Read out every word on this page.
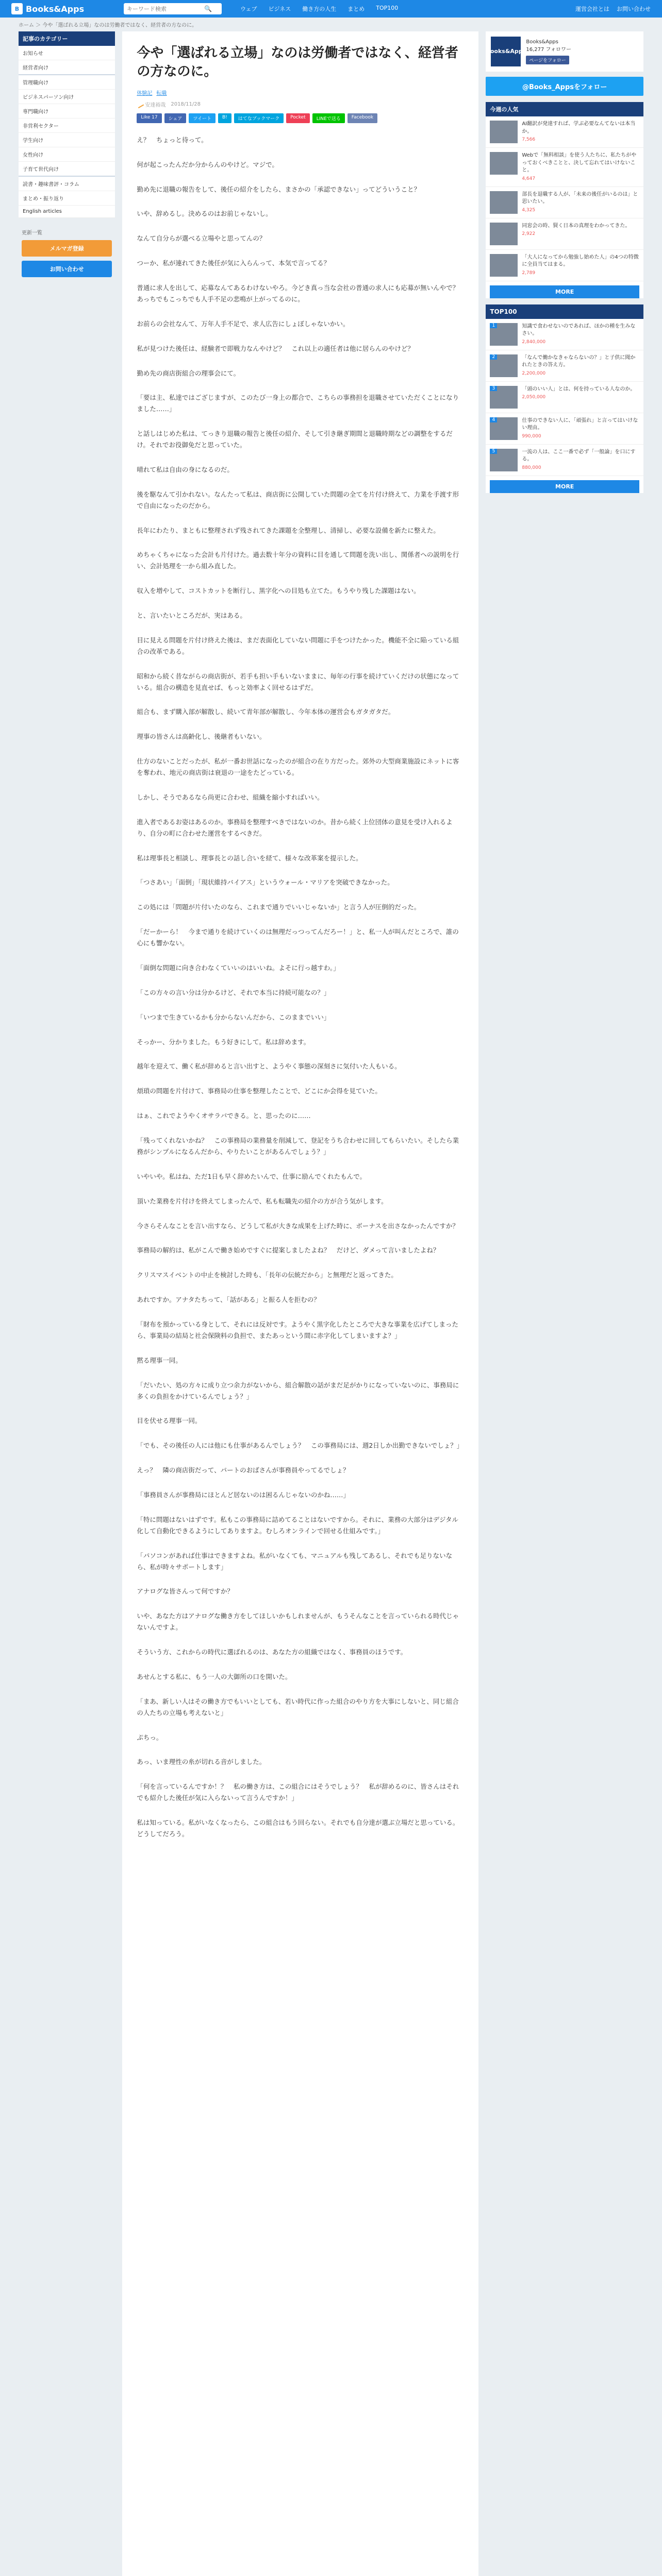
B Books&Apps
キーワード検索	🔍	ウェブ ビジネス 働き方の人生 まとめ TOP100	運営会社とは お問い合わせ
ホーム ＞ 今や「選ばれる立場」なのは労働者ではなく、経営者の方なのに。
記事のカテゴリー
お知らせ
経営者向け
管理職向け
ビジネスパーソン向け
専門職向け
非営利セクター
学生向け
女性向け
子育て世代向け
読書・趣味書評・コラム
まとめ・振り返り
English articles
更新一覧
メルマガ登録
お問い合わせ
今や「選ばれる立場」なのは労働者ではなく、経営者の方なのに。
体験記 転職
安達裕哉 2018/11/28
Like 17	シェア	ツイート	B!	はてなブックマーク	Pocket	LINEで送る	Facebook

え？　ちょっと待って。

何が起こったんだか分からんのやけど。マジで。

勤め先に退職の報告をして、後任の紹介をしたら、まさかの「承認できない」ってどういうこと？

いや、辞めるし。決めるのはお前じゃないし。

なんて自分らが選べる立場やと思ってんの？

つーか、私が連れてきた後任が気に入らんって、本気で言ってる？

普通に求人を出して、応募なんてあるわけないやろ。今どき真っ当な会社の普通の求人にも応募が無いんやで？　あっちでもこっちでも人手不足の悲鳴が上がってるのに。

お前らの会社なんて、万年人手不足で、求人広告にしょぼしゃないかい。

私が見つけた後任は、経験者で即戦力なんやけど？　これ以上の適任者は他に居らんのやけど？

勤め先の商店街組合の理事会にて。

「要は主、私達ではござじますが、このたび一身上の都合で、こちらの事務担を退職させていただくことになりました……」

と話しはじめた私は、てっきり退職の報告と後任の紹介、そして引き継ぎ期間と退職時期などの調整をするだけ。それでお役御免だと思っていた。

晴れて私は自由の身になるのだ。

後を駆なんて引かれない。なんたって私は、商店街に公開していた問題の全てを片付け終えて、力業を手渡す形で自由になったのだから。

長年にわたり、まともに整理されず残されてきた課題を全整理し、清掃し、必要な設備を新たに整えた。

めちゃくちゃになった会計も片付けた。過去数十年分の資料に目を通して問題を洗い出し、関係者への説明を行い、会計処理を一から組み直した。

収入を増やして、コストカットを断行し、黒字化への目処も立てた。もうやり残した課題はない。

と、言いたいところだが、実はある。

目に見える問題を片付け終えた後は、まだ表面化していない問題に手をつけたかった。機能不全に陥っている組合の改革である。

昭和から続く昔ながらの商店街が、若手も担い手もいないままに、毎年の行事を続けていくだけの状態になっている。組合の構造を見直せば、もっと効率よく回せるはずだ。

組合も、まず購入部が解散し、続いて青年部が解散し、今年本体の運営会もガタガタだ。

理事の皆さんは高齢化し、後継者もいない。

仕方のないことだったが、私が一番お世話になったのが組合の在り方だった。郊外の大型商業施設にネットに客を奪われ、地元の商店街は衰退の一途をたどっている。

しかし、そうであるなら尚更に合わせ、組織を縮小すればいい。

進入者であるお姿はあるのか。事務局を整理すべきではないのか。昔から続く上位団体の意見を受け入れるより、自分の町に合わせた運営をするべきだ。

私は理事長と相談し、理事長との話し合いを経て、様々な改革案を提示した。

「つさあい」「面倒」「現状維持バイアス」というウォール・マリアを突破できなかった。

この処には「問題が片付いたのなら、これまで通りでいいじゃないか」と言う人が圧倒的だった。

「だーかーら！　今まで通りを続けていくのは無理だっつってんだろー！」と、私一人が叫んだところで、誰の心にも響かない。

「面倒な問題に向き合わなくていいのはいいね。よそに行っ越すわ。」

「この方々の言い分は分かるけど、それで本当に持続可能なの？」

「いつまで生きているかも分からないんだから、このままでいい」

そっかー、分かりました。もう好きにして。私は辞めます。

越年を迎えて、働く私が辞めると言い出すと、ようやく事態の深刻さに気付いた人もいる。

煩瑣の問題を片付けて、事務局の仕事を整理したことで、どこにか会得を見ていた。

はぁ、これでようやくオサラバできる。と、思ったのに……

「残ってくれないかね？　この事務局の業務量を削減して、登記をうち合わせに回してもらいたい。そしたら業務がシンプルになるんだから、やりたいことがあるんでしょう？」

いやいや。私はね、ただ1日も早く辞めたいんで、仕事に励んでくれたもんで。

頂いた業務を片付けを終えてしまったんで、私も転職先の紹介の方が合う気がします。

今さらそんなことを言い出すなら、どうして私が大きな成果を上げた時に、ボーナスを出さなかったんですか？

事務局の解約は、私がこんで働き始めですぐに提案しましたよね？　だけど、ダメって言いましたよね？

クリスマスイベントの中止を検討した時も、「長年の伝統だから」と無理だと返ってきた。

あれですか。アナタたちって、「話がある」と振る人を拒むの？

「財布を預かっている身として、それには反対です。ようやく黒字化したところで大きな事業を広げてしまったら、事業局の結局と社会保険料の負担で、またあっという間に赤字化してしまいますよ？」

黙る理事一同。

「だいたい、処の方々に成り立つ余力がないから、組合解散の話がまだ足がかりになっていないのに、事務局に多くの負担をかけているんでしょう？」

目を伏せる理事一同。

「でも、その後任の人には他にも仕事があるんでしょう？　この事務局には、週2日しか出勤できないでしょ？」

えっ？　隣の商店街だって、パートのおばさんが事務員やってるでしょ？

「事務員さんが事務局にほとんど居ないのは困るんじゃないのかね……」

「特に問題はないはずです。私もこの事務局に詰めてることはないですから。それに、業務の大部分はデジタル化して自動化できるようにしてありますよ。むしろオンラインで回せる仕組みです。」

「パソコンがあれば仕事はできますよね。私がいなくても、マニュアルも残してあるし、それでも足りないなら、私が時々サポートします」

アナログな皆さんって何ですか？

いや、あなた方はアナログな働き方をしてほしいかもしれませんが、もうそんなことを言っていられる時代じゃないんですよ。

そういう方、これからの時代に選ばれるのは、あなた方の組織ではなく、事務員のほうです。

あせんとする私に、もう一人の大御所の口を開いた。

「まあ、新しい人はその働き方でもいいとしても、若い時代に作った組合のやり方を大事にしないと、同じ組合の人たちの立場も考えないと」

ぷちっ。

あっ、いま理性の糸が切れる音がしました。

「何を言っているんですか！？　私の働き方は、この組合にはそうでしょう？　私が辞めるのに、皆さんはそれでも紹介した後任が気に入らないって言うんですか！」

私は知っている。私がいなくなったら、この組合はもう回らない。それでも自分達が選ぶ立場だと思っている。どうしてだろう。

Books&Apps
Books&Apps
16,277 フォロワー
ページをフォロー
@Books_Appsをフォロー
今週の人気
AI翻訳が発達すれば、学ぶ必要なんてないは本当か。
7,566
Webで「無料相談」を使う人たちに、私たちがやっておくべきことと、決して忘れてはいけないこと。
4,647
部長を退職する人が、「未来の後任がいるのは」と思いたい。
4,325
同窓会の時、賢く日本の真理をわかってきた。
2,922
「大人になってから勉強し始めた人」の4つの特徴に全員当てはまる。
2,789
MORE
TOP100
1	知識で食わせないのであれば、ほかの種を生みなさい。
2,840,000
2	「なんで働かなきゃならないの？」と子供に聞かれたときの答え方。
2,200,000
3	「頭のいい人」とは、何を持っている人なのか。
2,050,000
4	仕事のできない人に、「頑張れ」と言ってはいけない理由。
990,000
5	一流の人は、ここ一番で必ず「一般論」を口にする。
880,000
MORE
